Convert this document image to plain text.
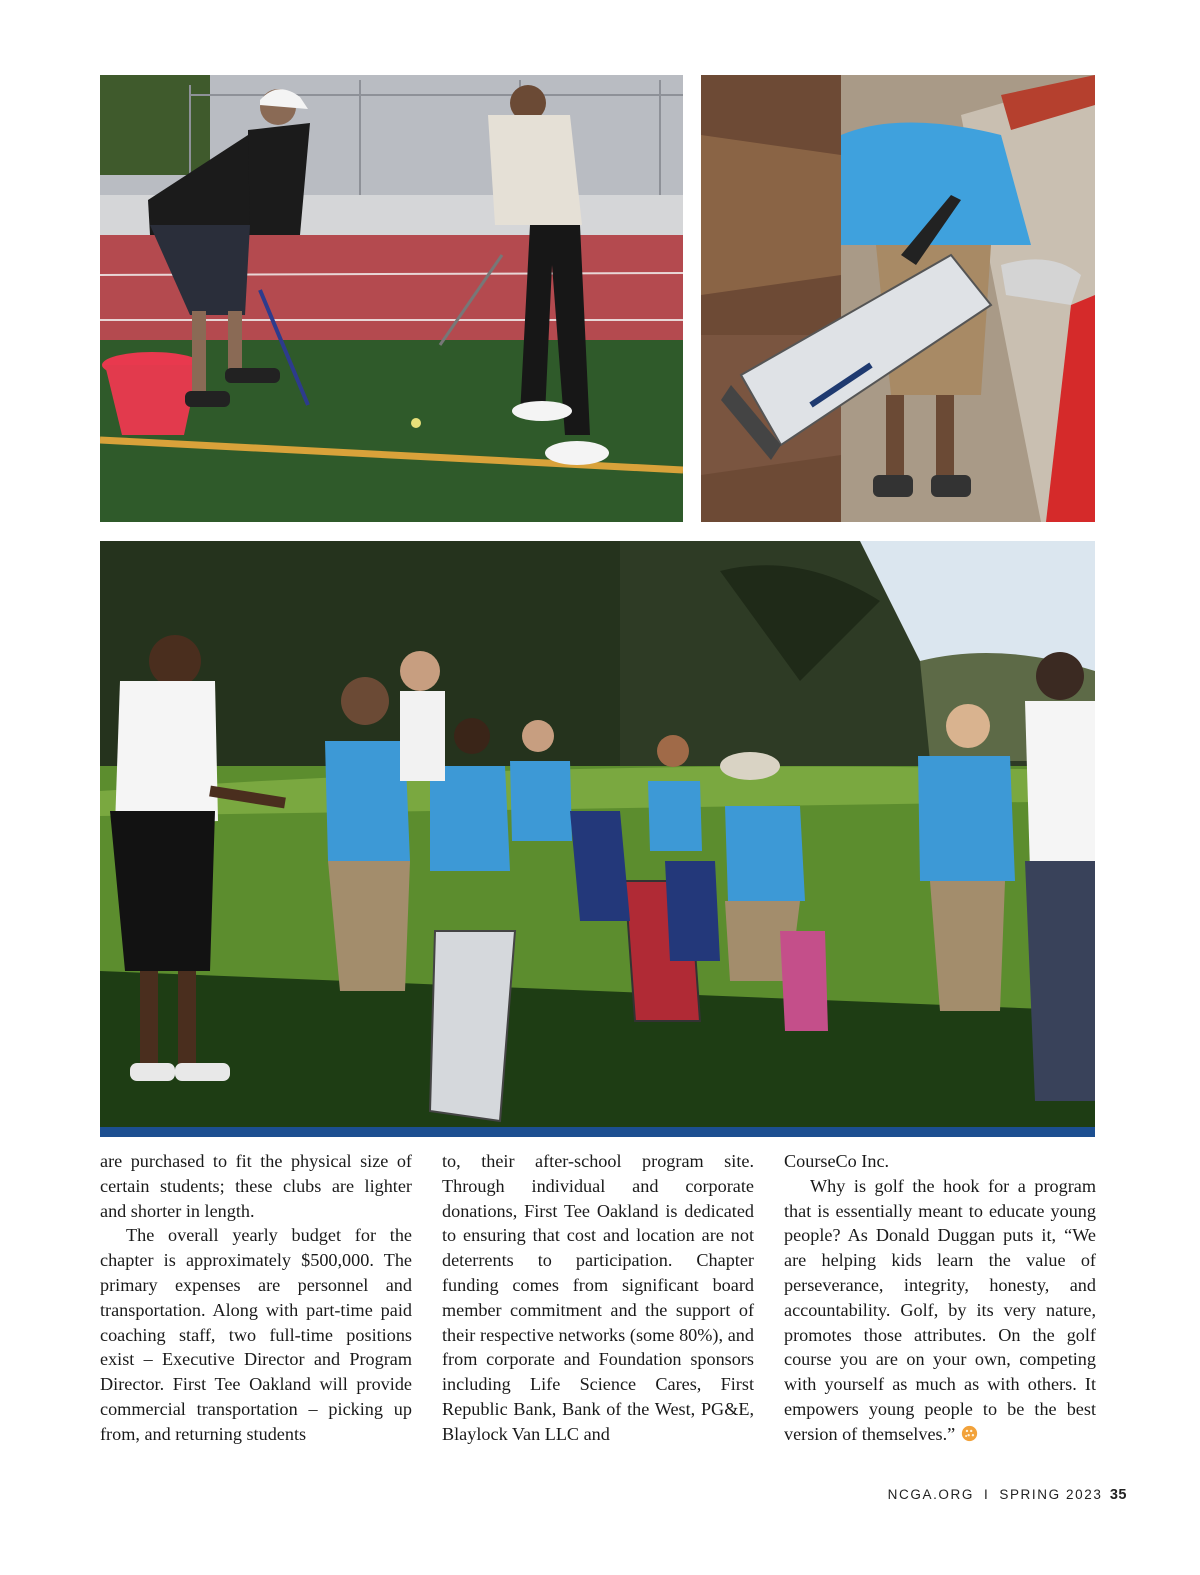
are purchased to fit the physical size of certain students; these clubs are lighter and shorter in length.

The overall yearly budget for the chapter is approximately $500,000. The primary expenses are personnel and transportation. Along with part-time paid coaching staff, two full-time positions exist – Executive Director and Program Director. First Tee Oakland will provide commercial transportation – picking up from, and returning students

to, their after-school program site. Through individual and corporate donations, First Tee Oakland is dedicated to ensuring that cost and location are not deterrents to participation. Chapter funding comes from significant board member commitment and the support of their respective networks (some 80%), and from corporate and Foundation sponsors including Life Science Cares, First Republic Bank, Bank of the West, PG&E, Blaylock Van LLC and

CourseCo Inc.

Why is golf the hook for a program that is essentially meant to educate young people? As Donald Duggan puts it, “We are helping kids learn the value of perseverance, integrity, honesty, and accountability. Golf, by its very nature, promotes those attributes. On the golf course you are on your own, competing with yourself as much as with others. It empowers young people to be the best version of themselves.”

NCGA.ORG I SPRING 2023 35
